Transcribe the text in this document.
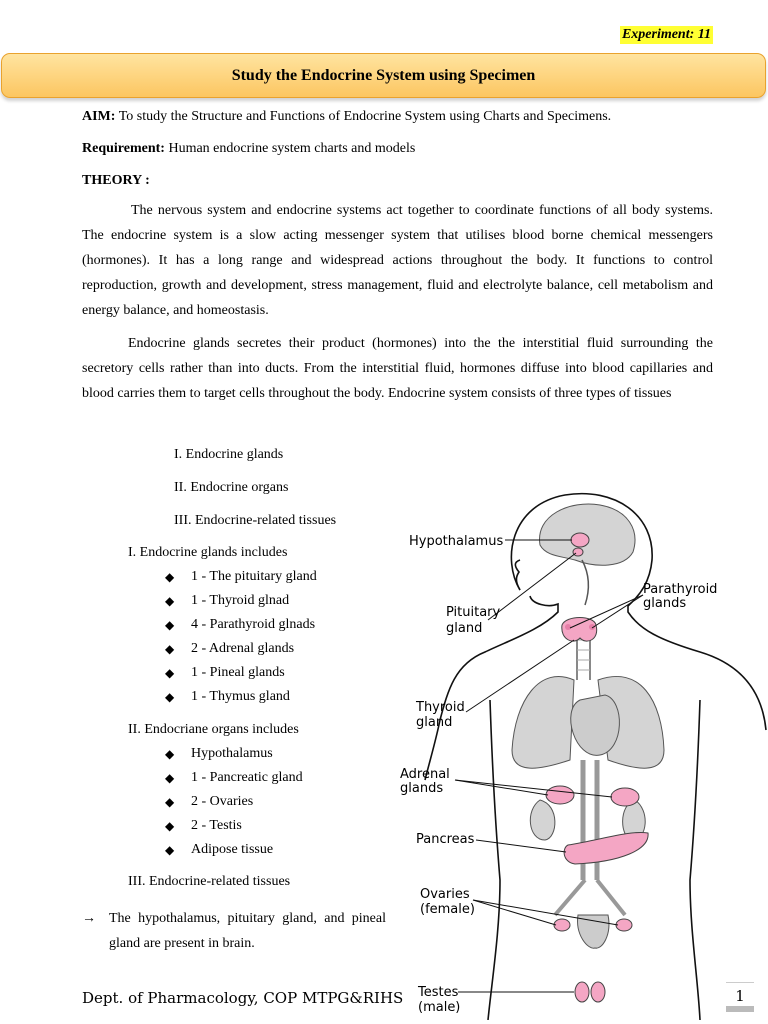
Experiment: 11
Study the Endocrine System using Specimen

AIM: To study the Structure and Functions of Endocrine System using Charts and Specimens.

Requirement: Human endocrine system charts and models

THEORY :

The nervous system and endocrine systems act together to coordinate functions of all body systems. The endocrine system is a slow acting messenger system that utilises blood borne chemical messengers (hormones). It has a long range and widespread actions throughout the body. It functions to control reproduction, growth and development, stress management, fluid and electrolyte balance, cell metabolism and energy balance, and homeostasis.

Endocrine glands secretes their product (hormones) into the the interstitial fluid surrounding the secretory cells rather than into ducts. From the interstitial fluid, hormones diffuse into blood capillaries and blood carries them to target cells throughout the body. Endocrine system consists of three types of tissues

I. Endocrine glands
II. Endocrine organs
III. Endocrine-related tissues
I. Endocrine glands includes
◆	1 - The pituitary gland
◆	1 - Thyroid glnad
◆	4 - Parathyroid glnads
◆	2 - Adrenal glands
◆	1 - Pineal glands
◆	1 - Thymus gland
II. Endocriane organs includes
◆	Hypothalamus
◆	1 - Pancreatic gland
◆	2 - Ovaries
◆	2 - Testis
◆	Adipose tissue
III. Endocrine-related tissues
→ The hypothalamus, pituitary gland, and pineal gland are present in brain.
Hypothalamus
Parathyroid
glands
Pituitary
gland
Thyroid
gland
Adrenal
glands
Pancreas
Ovaries
(female)
Testes
(male)
Dept. of Pharmacology, COP MTPG&RIHS	1
